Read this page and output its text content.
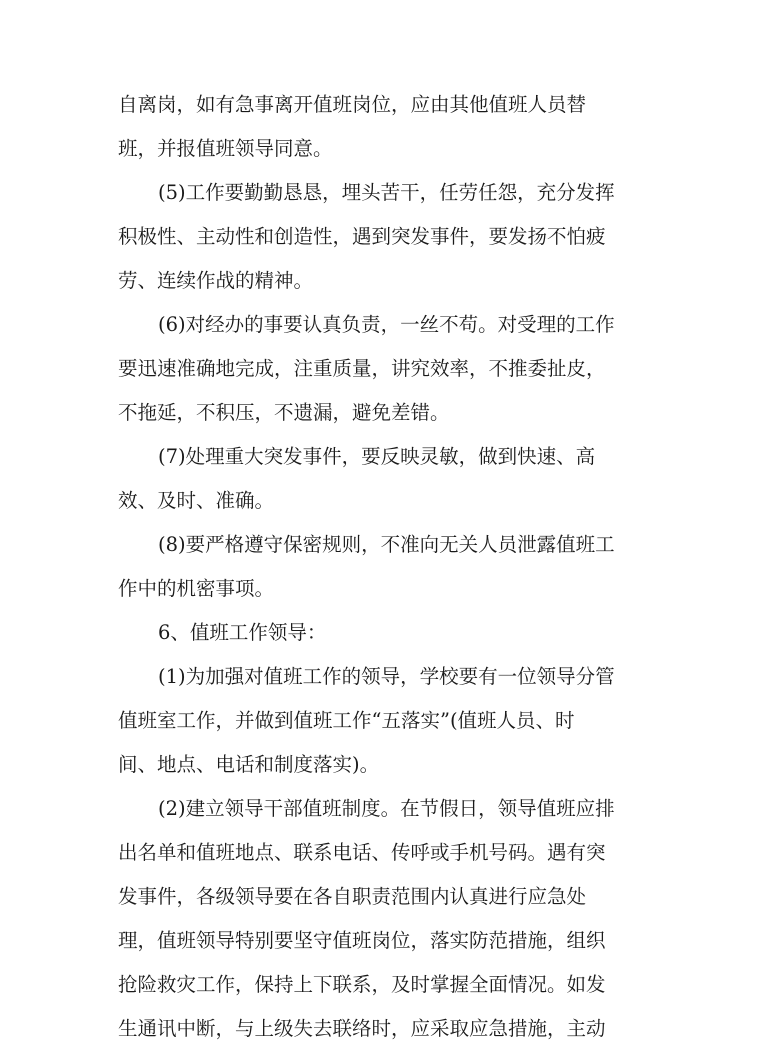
自离岗，如有急事离开值班岗位，应由其他值班人员替
班，并报值班领导同意。
(5)工作要勤勤恳恳，埋头苦干，任劳任怨，充分发挥
积极性、主动性和创造性，遇到突发事件，要发扬不怕疲
劳、连续作战的精神。
(6)对经办的事要认真负责，一丝不苟。对受理的工作
要迅速准确地完成，注重质量，讲究效率，不推委扯皮，
不拖延，不积压，不遗漏，避免差错。
(7)处理重大突发事件，要反映灵敏，做到快速、高
效、及时、准确。
(8)要严格遵守保密规则，不准向无关人员泄露值班工
作中的机密事项。
6、值班工作领导：
(1)为加强对值班工作的领导，学校要有一位领导分管
值班室工作，并做到值班工作“五落实”(值班人员、时
间、地点、电话和制度落实)。
(2)建立领导干部值班制度。在节假日，领导值班应排
出名单和值班地点、联系电话、传呼或手机号码。遇有突
发事件，各级领导要在各自职责范围内认真进行应急处
理，值班领导特别要坚守值班岗位，落实防范措施，组织
抢险救灾工作，保持上下联系，及时掌握全面情况。如发
生通讯中断，与上级失去联络时，应采取应急措施，主动
